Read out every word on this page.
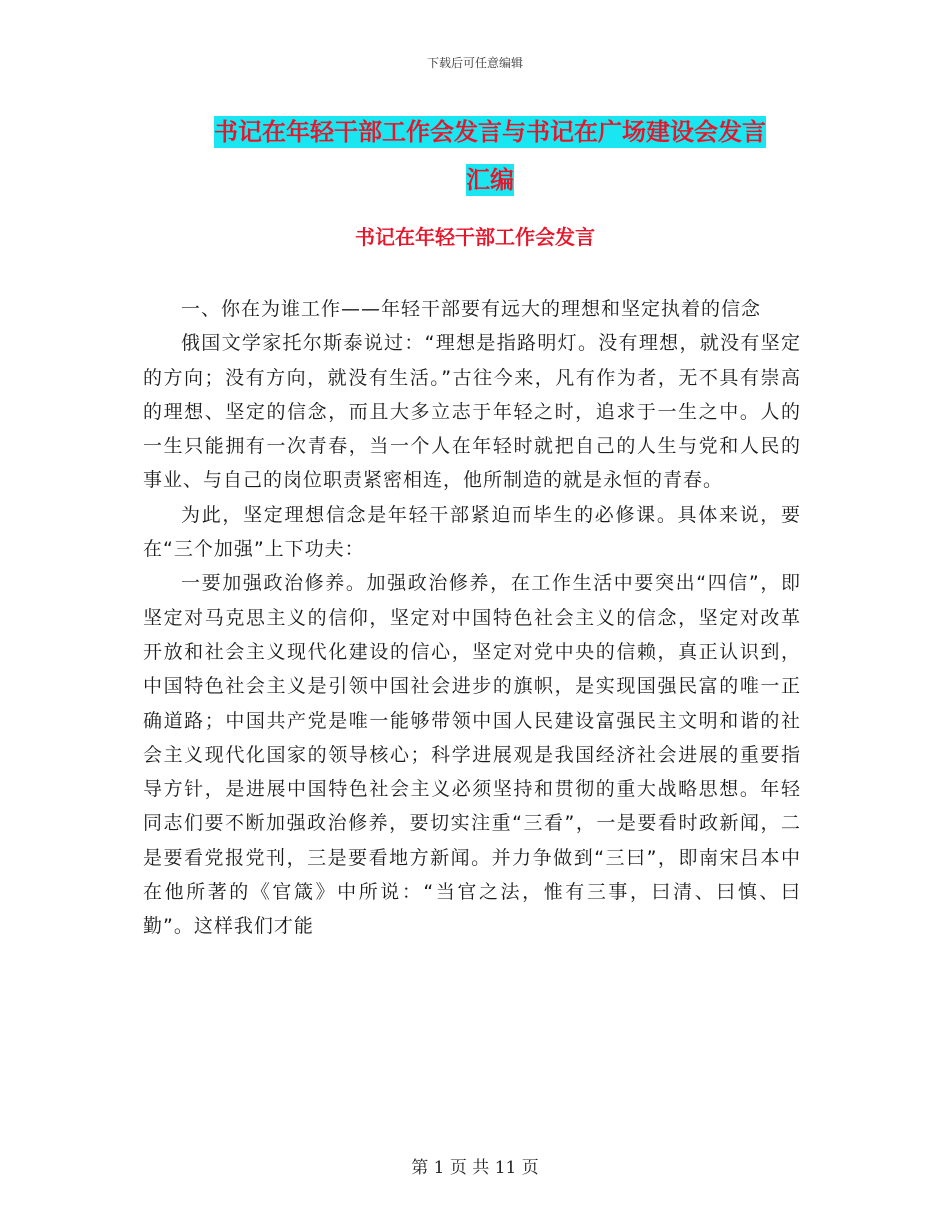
下载后可任意编辑
书记在年轻干部工作会发言与书记在广场建设会发言
汇编
书记在年轻干部工作会发言

一、你在为谁工作——年轻干部要有远大的理想和坚定执着的信念

俄国文学家托尔斯泰说过：“理想是指路明灯。没有理想，就没有坚定的方向；没有方向，就没有生活。”古往今来，凡有作为者，无不具有崇高的理想、坚定的信念，而且大多立志于年轻之时，追求于一生之中。人的一生只能拥有一次青春，当一个人在年轻时就把自己的人生与党和人民的事业、与自己的岗位职责紧密相连，他所制造的就是永恒的青春。

为此，坚定理想信念是年轻干部紧迫而毕生的必修课。具体来说，要在“三个加强”上下功夫：

一要加强政治修养。加强政治修养，在工作生活中要突出“四信”，即坚定对马克思主义的信仰，坚定对中国特色社会主义的信念，坚定对改革开放和社会主义现代化建设的信心，坚定对党中央的信赖，真正认识到，中国特色社会主义是引领中国社会进步的旗帜，是实现国强民富的唯一正确道路；中国共产党是唯一能够带领中国人民建设富强民主文明和谐的社会主义现代化国家的领导核心；科学进展观是我国经济社会进展的重要指导方针，是进展中国特色社会主义必须坚持和贯彻的重大战略思想。年轻同志们要不断加强政治修养，要切实注重“三看”，一是要看时政新闻，二是要看党报党刊，三是要看地方新闻。并力争做到“三曰”，即南宋吕本中在他所著的《官箴》中所说：“当官之法，惟有三事，曰清、曰慎、曰勤”。这样我们才能

第 1 页 共 11 页
